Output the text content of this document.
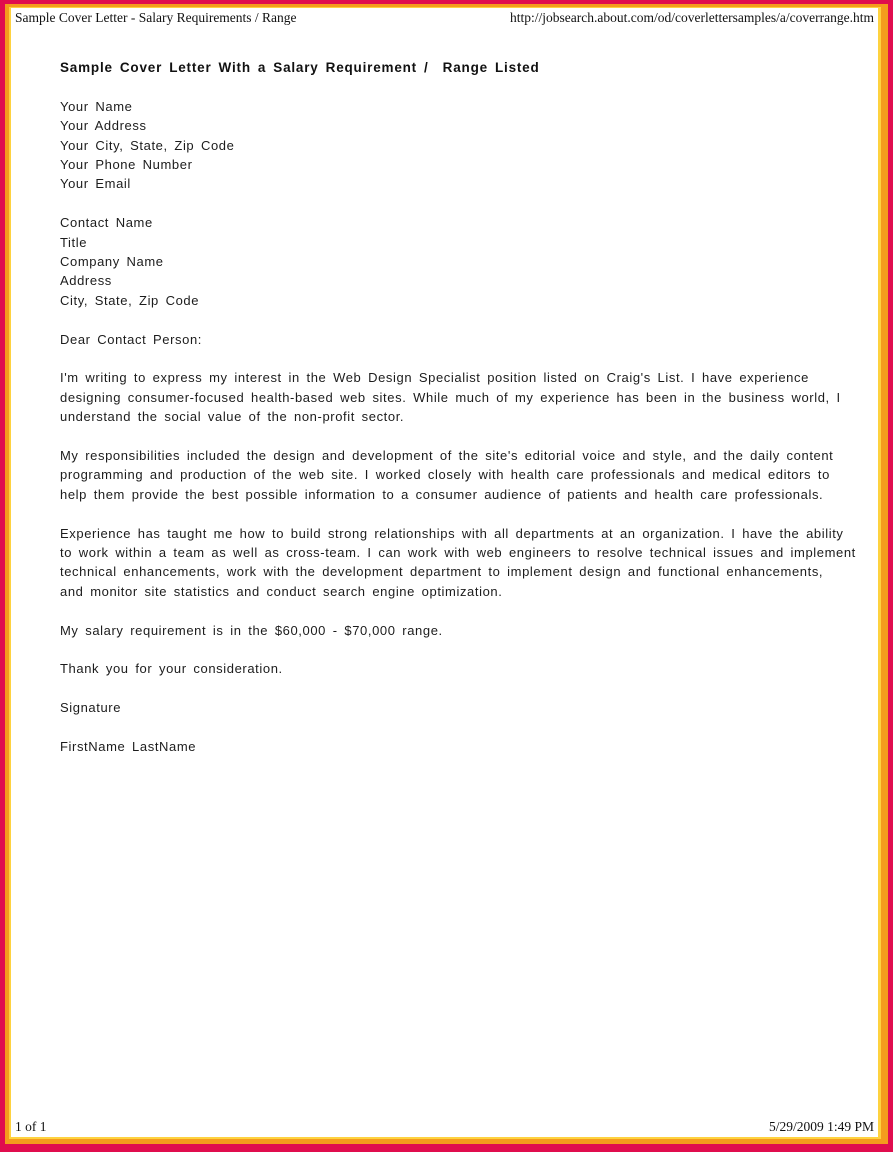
Sample Cover Letter - Salary Requirements / Range	http://jobsearch.about.com/od/coverlettersamples/a/coverrange.htm
Sample Cover Letter With a Salary Requirement /  Range Listed
Your Name
Your Address
Your City, State, Zip Code
Your Phone Number
Your Email
Contact Name
Title
Company Name
Address
City, State, Zip Code
Dear Contact Person:
I'm writing to express my interest in the Web Design Specialist position listed on Craig's List. I have experience
designing consumer-focused health-based web sites. While much of my experience has been in the business world, I
understand the social value of the non-profit sector.
My responsibilities included the design and development of the site's editorial voice and style, and the daily content
programming and production of the web site. I worked closely with health care professionals and medical editors to
help them provide the best possible information to a consumer audience of patients and health care professionals.
Experience has taught me how to build strong relationships with all departments at an organization. I have the ability
to work within a team as well as cross-team. I can work with web engineers to resolve technical issues and implement
technical enhancements, work with the development department to implement design and functional enhancements,
and monitor site statistics and conduct search engine optimization.
My salary requirement is in the $60,000 - $70,000 range.
Thank you for your consideration.
Signature
FirstName LastName
1 of 1	5/29/2009 1:49 PM
